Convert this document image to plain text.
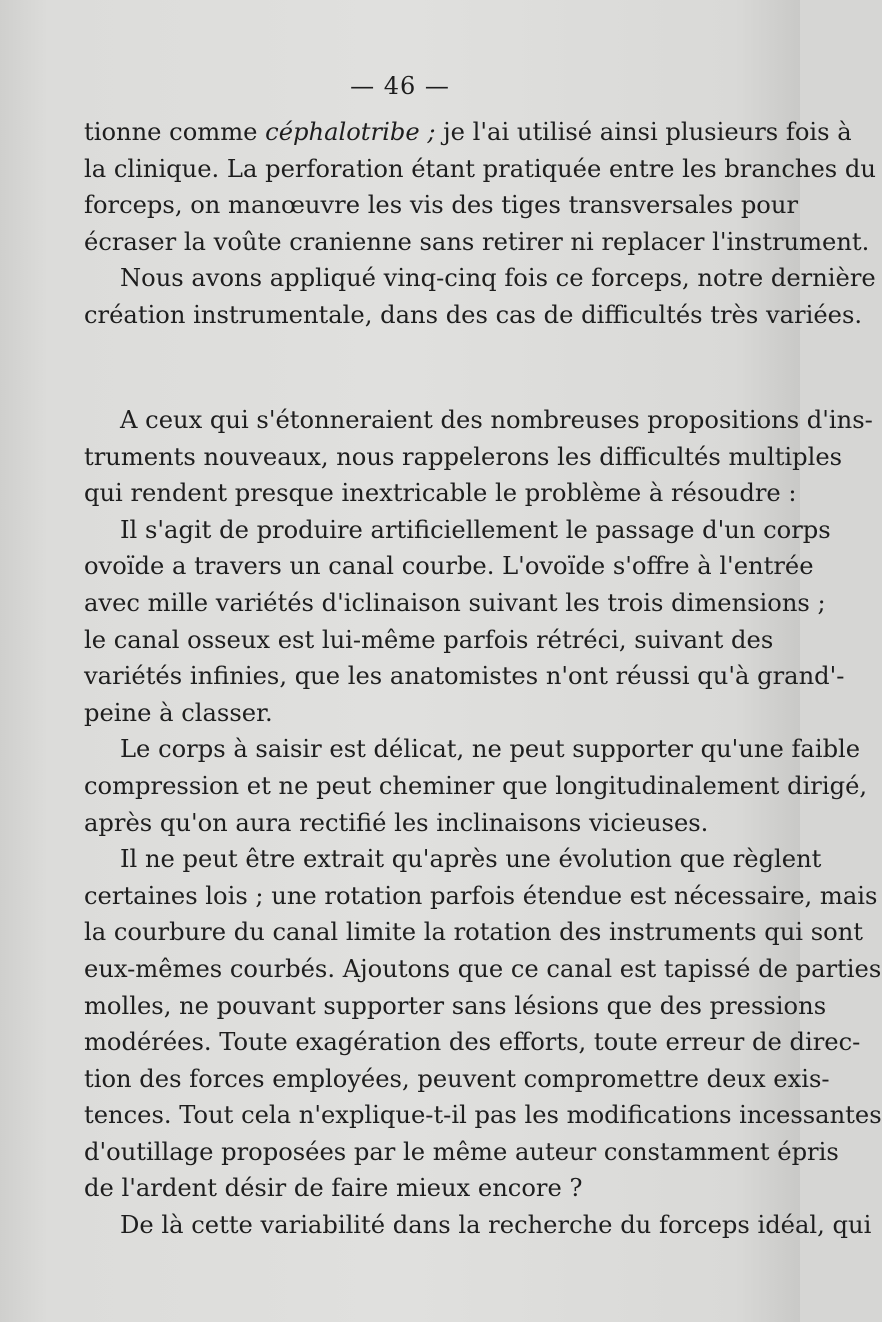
— 46 —
tionne comme céphalotribe ; je l'ai utilisé ainsi plusieurs fois à
la clinique. La perforation étant pratiquée entre les branches du
forceps, on manœuvre les vis des tiges transversales pour
écraser la voûte cranienne sans retirer ni replacer l'instrument.
Nous avons appliqué vinq-cinq fois ce forceps, notre dernière
création instrumentale, dans des cas de difficultés très variées.
A ceux qui s'étonneraient des nombreuses propositions d'ins-
truments nouveaux, nous rappelerons les difficultés multiples
qui rendent presque inextricable le problème à résoudre :
Il s'agit de produire artificiellement le passage d'un corps
ovoïde a travers un canal courbe. L'ovoïde s'offre à l'entrée
avec mille variétés d'iclinaison suivant les trois dimensions ;
le canal osseux est lui-même parfois rétréci, suivant des
variétés infinies, que les anatomistes n'ont réussi qu'à grand'-
peine à classer.
Le corps à saisir est délicat, ne peut supporter qu'une faible
compression et ne peut cheminer que longitudinalement dirigé,
après qu'on aura rectifié les inclinaisons vicieuses.
Il ne peut être extrait qu'après une évolution que règlent
certaines lois ; une rotation parfois étendue est nécessaire, mais
la courbure du canal limite la rotation des instruments qui sont
eux-mêmes courbés. Ajoutons que ce canal est tapissé de parties
molles, ne pouvant supporter sans lésions que des pressions
modérées. Toute exagération des efforts, toute erreur de direc-
tion des forces employées, peuvent compromettre deux exis-
tences. Tout cela n'explique-t-il pas les modifications incessantes
d'outillage proposées par le même auteur constamment épris
de l'ardent désir de faire mieux encore ?
De là cette variabilité dans la recherche du forceps idéal, qui
